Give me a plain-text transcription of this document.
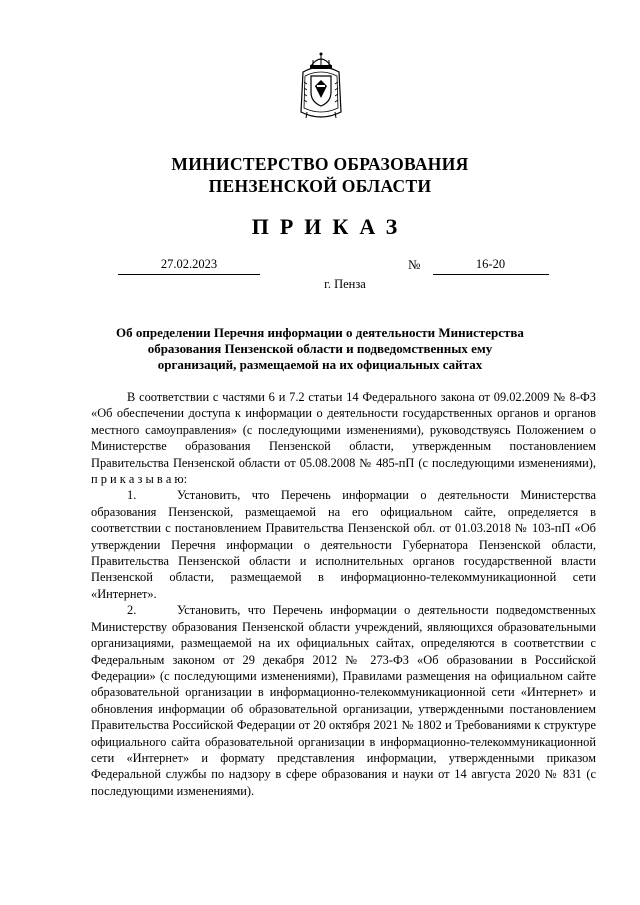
МИНИСТЕРСТВО ОБРАЗОВАНИЯ
ПЕНЗЕНСКОЙ ОБЛАСТИ
ПРИКАЗ
27.02.2023	№	16-20
г. Пенза
Об определении Перечня информации о деятельности Министерства образования Пензенской области и подведомственных ему организаций, размещаемой на их официальных сайтах

В соответствии с частями 6 и 7.2 статьи 14 Федерального закона от 09.02.2009 № 8-ФЗ «Об обеспечении доступа к информации о деятельности государственных органов и органов местного самоуправления» (с последующими изменениями), руководствуясь Положением о Министерстве образования Пензенской области, утвержденным постановлением Правительства Пензенской области от 05.08.2008 № 485-пП (с последующими изменениями), п р и к а з ы в а ю:

1.	Установить, что Перечень информации о деятельности Министерства образования Пензенской, размещаемой на его официальном сайте, определяется в соответствии с постановлением Правительства Пензенской обл. от 01.03.2018 № 103-пП «Об утверждении Перечня информации о деятельности Губернатора Пензенской области, Правительства Пензенской области и исполнительных органов государственной власти Пензенской области, размещаемой в информационно-телекоммуникационной сети «Интернет».

2.	Установить, что Перечень информации о деятельности подведомственных Министерству образования Пензенской области учреждений, являющихся образовательными организациями, размещаемой на их официальных сайтах, определяются в соответствии с Федеральным законом от 29 декабря 2012 № 273-ФЗ «Об образовании в Российской Федерации» (с последующими изменениями), Правилами размещения на официальном сайте образовательной организации в информационно-телекоммуникационной сети «Интернет» и обновления информации об образовательной организации, утвержденными постановлением Правительства Российской Федерации от 20 октября 2021 № 1802 и Требованиями к структуре официального сайта образовательной организации в информационно-телекоммуникационной сети «Интернет» и формату представления информации, утвержденными приказом Федеральной службы по надзору в сфере образования и науки от 14 августа 2020 № 831 (с последующими изменениями).
